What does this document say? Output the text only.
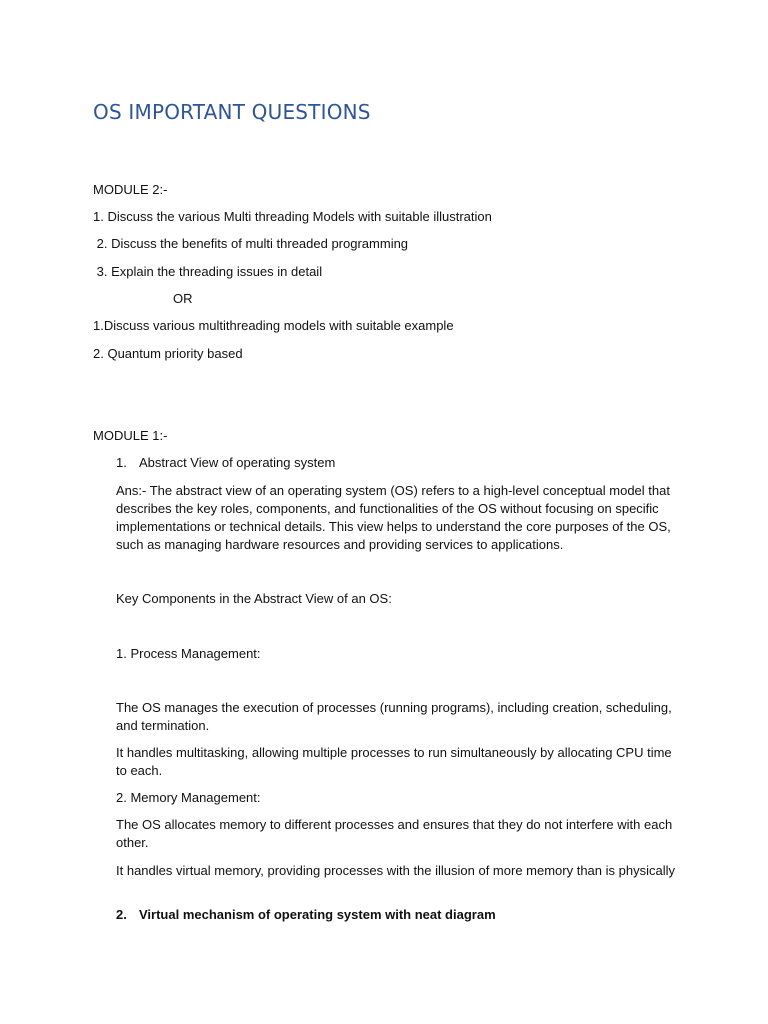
OS IMPORTANT QUESTIONS
MODULE 2:-
1. Discuss the various Multi threading Models with suitable illustration
2. Discuss the benefits of multi threaded programming
3. Explain the threading issues in detail
OR
1.Discuss various multithreading models with suitable example
2. Quantum priority based
MODULE 1:-
1. Abstract View of operating system
Ans:- The abstract view of an operating system (OS) refers to a high-level conceptual model that describes the key roles, components, and functionalities of the OS without focusing on specific implementations or technical details. This view helps to understand the core purposes of the OS, such as managing hardware resources and providing services to applications.
Key Components in the Abstract View of an OS:
1. Process Management:
The OS manages the execution of processes (running programs), including creation, scheduling, and termination.
It handles multitasking, allowing multiple processes to run simultaneously by allocating CPU time to each.
2. Memory Management:
The OS allocates memory to different processes and ensures that they do not interfere with each other.
It handles virtual memory, providing processes with the illusion of more memory than is physically
2. Virtual mechanism of operating system with neat diagram
